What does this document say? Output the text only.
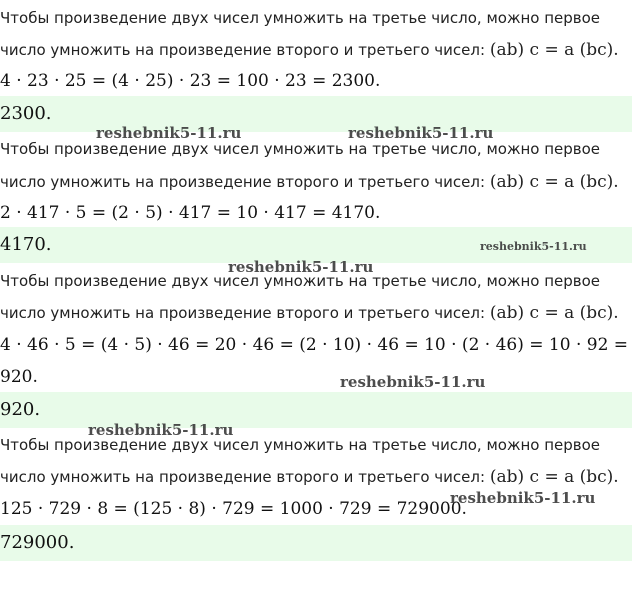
Чтобы произведение двух чисел умножить на третье число, можно первое
число умножить на произведение второго и третьего чисел: (ab) c = a (bc).
4 · 23 · 25 = (4 · 25) · 23 = 100 · 23 = 2300.
2300.
Чтобы произведение двух чисел умножить на третье число, можно первое
число умножить на произведение второго и третьего чисел: (ab) c = a (bc).
2 · 417 · 5 = (2 · 5) · 417 = 10 · 417 = 4170.
4170.
Чтобы произведение двух чисел умножить на третье число, можно первое
число умножить на произведение второго и третьего чисел: (ab) c = a (bc).
4 · 46 · 5 = (4 · 5) · 46 = 20 · 46 = (2 · 10) · 46 = 10 · (2 · 46) = 10 · 92 =
920.
920.
Чтобы произведение двух чисел умножить на третье число, можно первое
число умножить на произведение второго и третьего чисел: (ab) c = a (bc).
125 · 729 · 8 = (125 · 8) · 729 = 1000 · 729 = 729000.
729000.
reshebnik5-11.ru	reshebnik5-11.ru
reshebnik5-11.ru
reshebnik5-11.ru
reshebnik5-11.ru
reshebnik5-11.ru
reshebnik5-11.ru
